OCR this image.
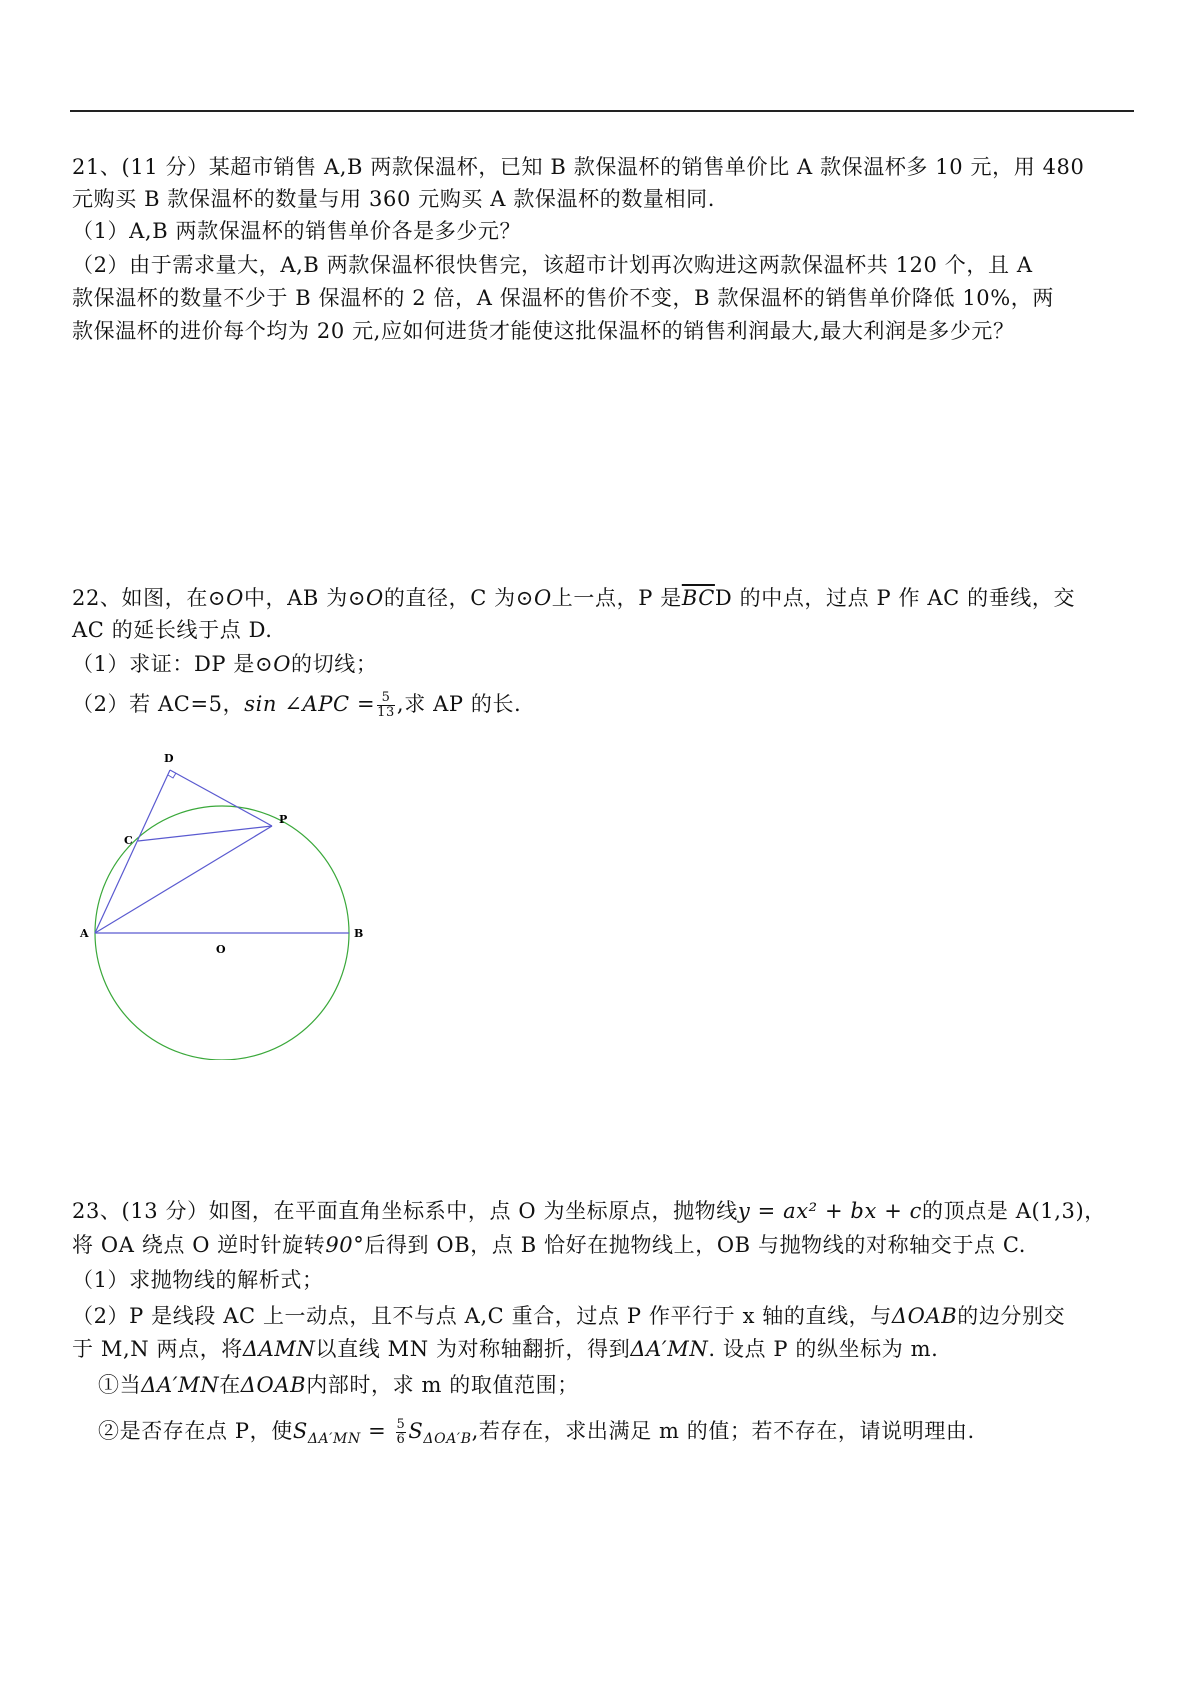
21、(11 分）某超市销售 A,B 两款保温杯，已知 B 款保温杯的销售单价比 A 款保温杯多 10 元，用 480
元购买 B 款保温杯的数量与用 360 元购买 A 款保温杯的数量相同.
（1）A,B 两款保温杯的销售单价各是多少元？
（2）由于需求量大，A,B 两款保温杯很快售完，该超市计划再次购进这两款保温杯共 120 个，且 A
款保温杯的数量不少于 B 保温杯的 2 倍，A 保温杯的售价不变，B 款保温杯的销售单价降低 10%，两
款保温杯的进价每个均为 20 元,应如何进货才能使这批保温杯的销售利润最大,最大利润是多少元？
22、如图，在⊙O中，AB 为⊙O的直径，C 为⊙O上一点，P 是$\overline{BC}D$ 的中点，过点 P 作 AC 的垂线，交
AC 的延长线于点 D.
（1）求证：DP 是⊙O的切线；
（2）若 AC=5，sin ∠APC = $\frac{5}{13}$ ,求 AP 的长.
D
P
C
A
O
B
23、(13 分）如图，在平面直角坐标系中，点 O 为坐标原点，抛物线y = ax² + bx + c的顶点是 A(1,3)，
将 OA 绕点 O 逆时针旋转90°后得到 OB，点 B 恰好在抛物线上，OB 与抛物线的对称轴交于点 C.
（1）求抛物线的解析式；
（2）P 是线段 AC 上一动点，且不与点 A,C 重合，过点 P 作平行于 x 轴的直线，与ΔOAB的边分别交
于 M,N 两点，将ΔAMN以直线 MN 为对称轴翻折，得到ΔA′MN. 设点 P 的纵坐标为 m.
①当ΔA′MN在ΔOAB内部时，求 m 的取值范围；
②是否存在点 P，使$S_{\Delta A'MN} = \frac{5}{6} S_{\Delta OA'B}$,若存在，求出满足 m 的值；若不存在，请说明理由.
